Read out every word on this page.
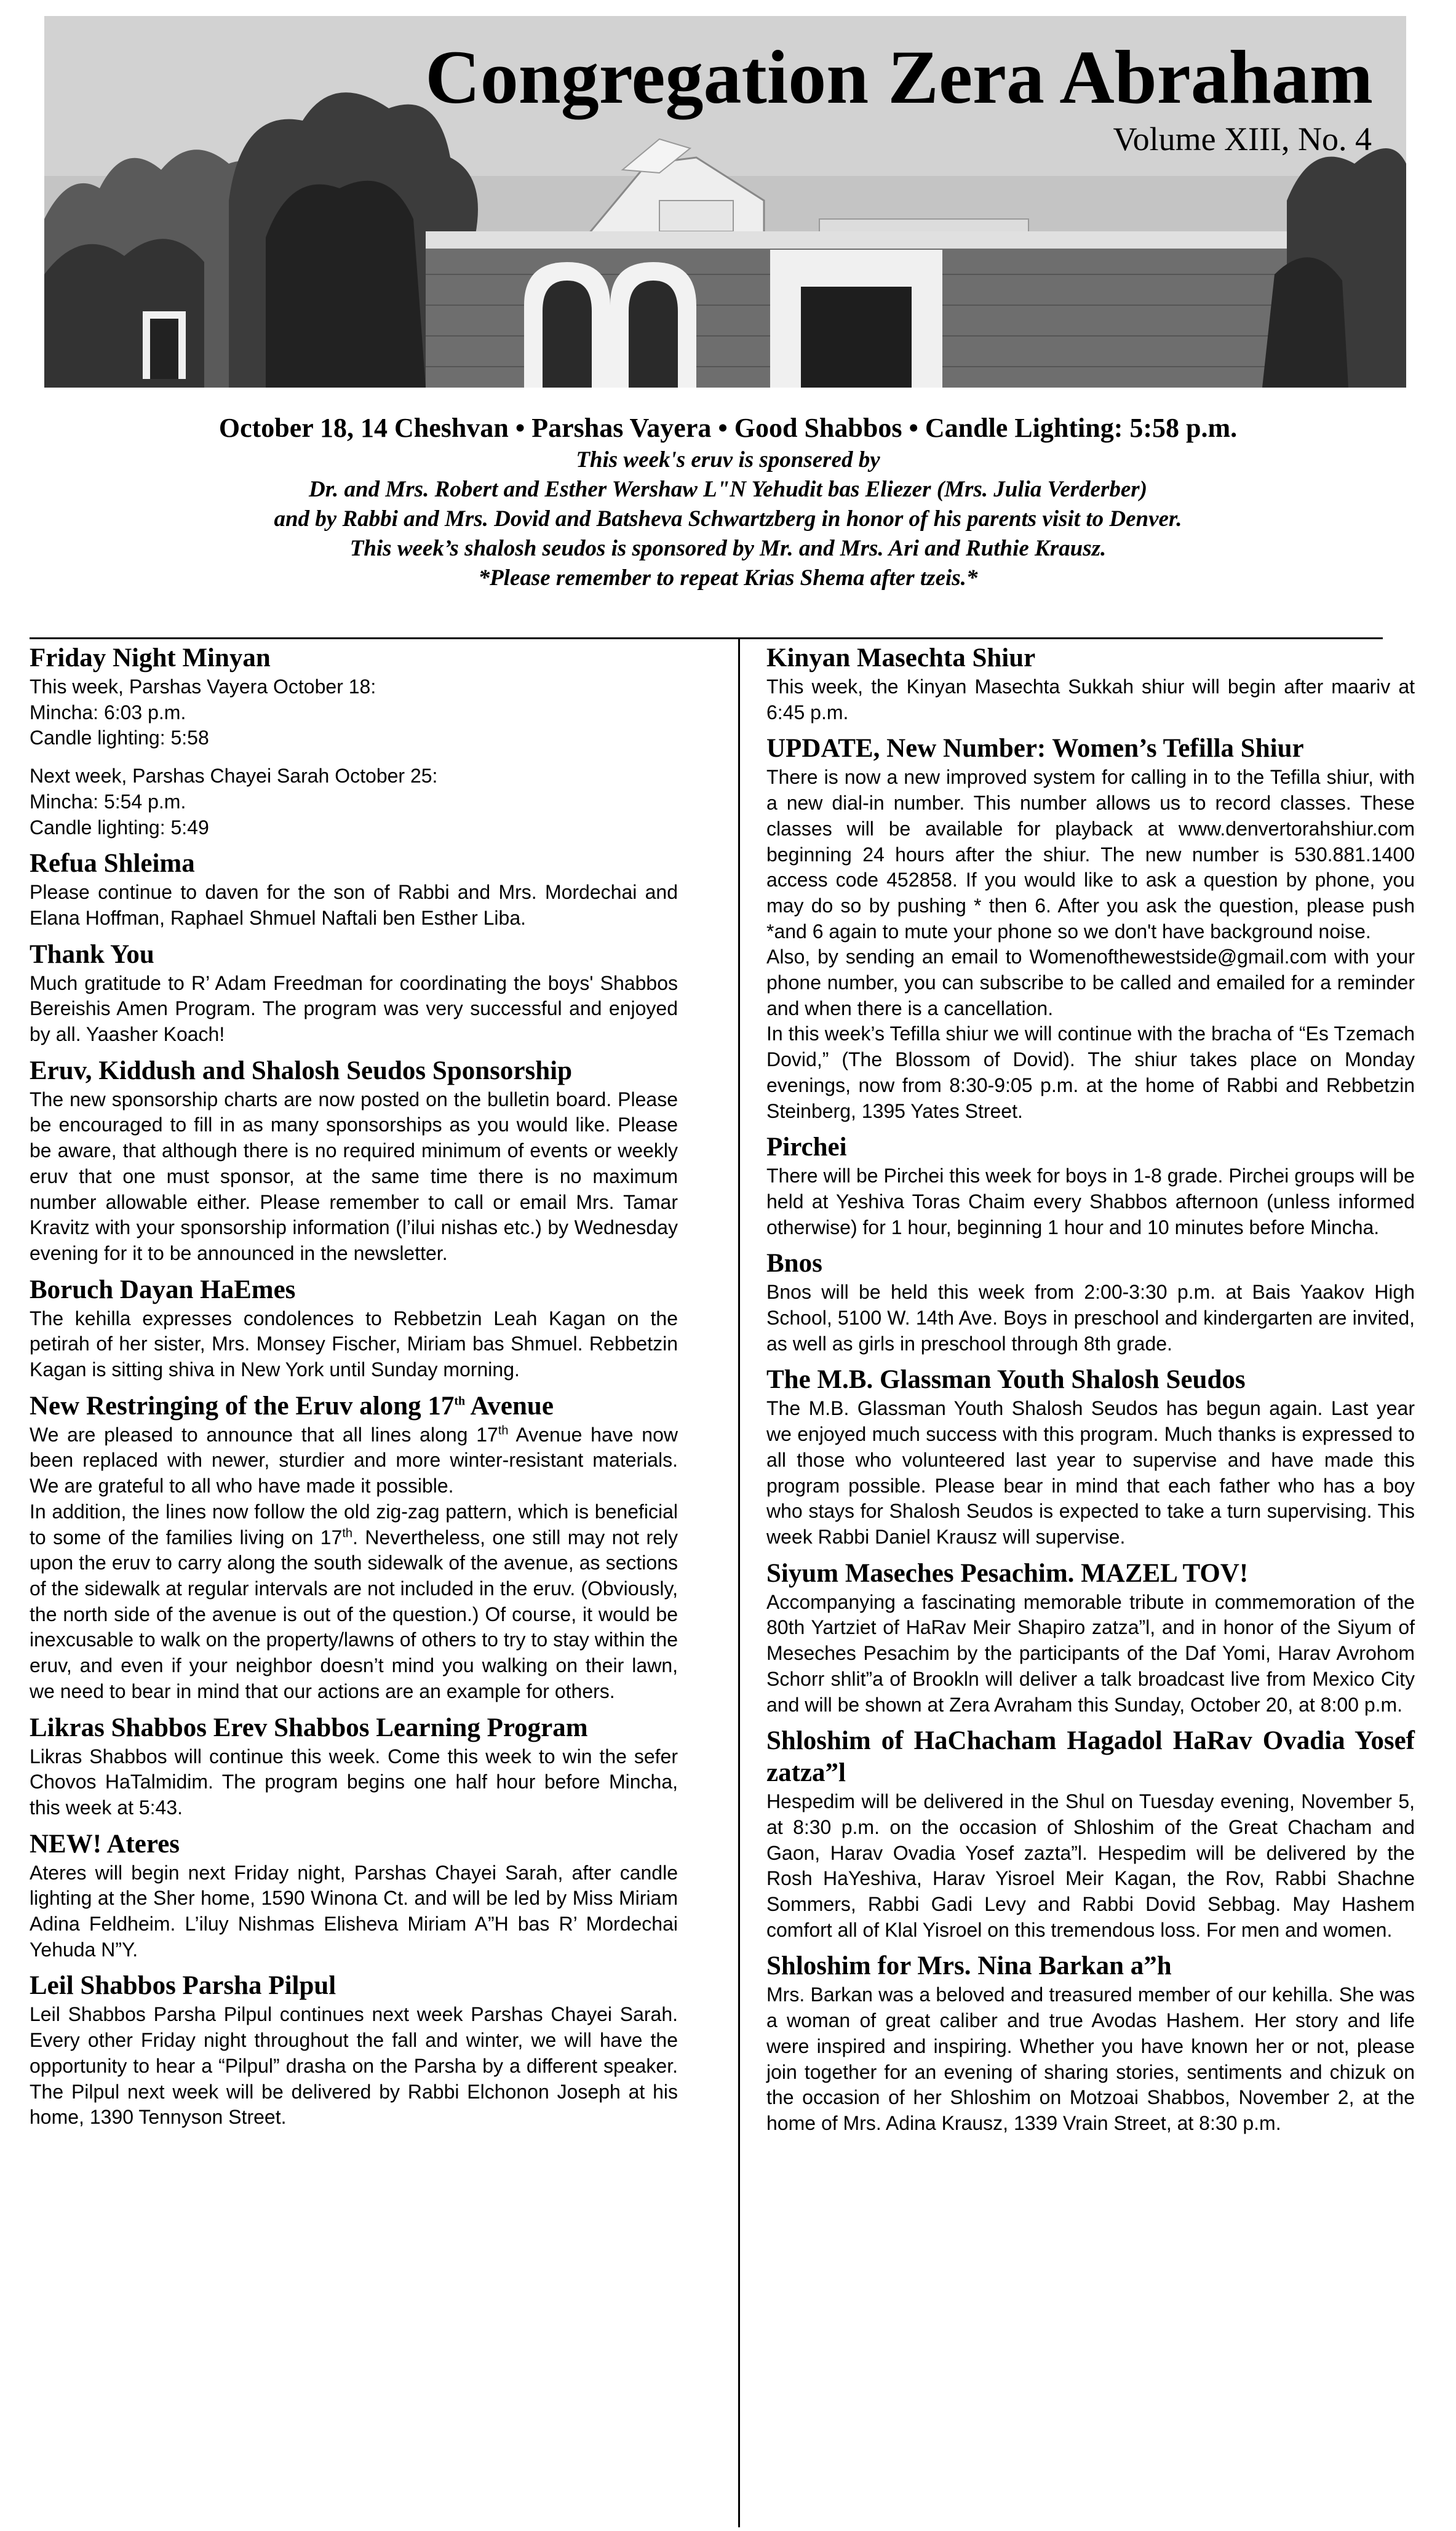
Congregation Zera Abraham
Volume XIII, No. 4
October 18, 14 Cheshvan • Parshas Vayera • Good Shabbos • Candle Lighting: 5:58 p.m.
This week's eruv is sponsered by
Dr. and Mrs. Robert and Esther Wershaw L"N Yehudit bas Eliezer (Mrs. Julia Verderber)
and by Rabbi and Mrs. Dovid and Batsheva Schwartzberg in honor of his parents visit to Denver.
This week’s shalosh seudos is sponsored by Mr. and Mrs. Ari and Ruthie Krausz.
*Please remember to repeat Krias Shema after tzeis.*
Friday Night Minyan

This week, Parshas Vayera October 18:

Mincha: 6:03 p.m.

Candle lighting: 5:58

Next week, Parshas Chayei Sarah October 25:

Mincha: 5:54 p.m.

Candle lighting: 5:49

Refua Shleima

Please continue to daven for the son of Rabbi and Mrs. Mordechai and Elana Hoffman, Raphael Shmuel Naftali ben Esther Liba.

Thank You

Much gratitude to R’ Adam Freedman for coordinating the boys' Shabbos Bereishis Amen Program. The program was very successful and enjoyed by all. Yaasher Koach!

Eruv, Kiddush and Shalosh Seudos Sponsorship

The new sponsorship charts are now posted on the bulletin board. Please be encouraged to fill in as many sponsorships as you would like. Please be aware, that although there is no required minimum of events or weekly eruv that one must sponsor, at the same time there is no maximum number allowable either. Please remember to call or email Mrs. Tamar Kravitz with your sponsorship information (l’ilui nishas etc.) by Wednesday evening for it to be announced in the newsletter.

Boruch Dayan HaEmes

The kehilla expresses condolences to Rebbetzin Leah Kagan on the petirah of her sister, Mrs. Monsey Fischer, Miriam bas Shmuel. Rebbetzin Kagan is sitting shiva in New York until Sunday morning.

New Restringing of the Eruv along 17th Avenue

We are pleased to announce that all lines along 17th Avenue have now been replaced with newer, sturdier and more winter-resistant materials. We are grateful to all who have made it possible.

In addition, the lines now follow the old zig-zag pattern, which is beneficial to some of the families living on 17th. Nevertheless, one still may not rely upon the eruv to carry along the south sidewalk of the avenue, as sections of the sidewalk at regular intervals are not included in the eruv. (Obviously, the north side of the avenue is out of the question.) Of course, it would be inexcusable to walk on the property/lawns of others to try to stay within the eruv, and even if your neighbor doesn’t mind you walking on their lawn, we need to bear in mind that our actions are an example for others.

Likras Shabbos Erev Shabbos Learning Program

Likras Shabbos will continue this week. Come this week to win the sefer Chovos HaTalmidim. The program begins one half hour before Mincha, this week at 5:43.

NEW! Ateres

Ateres will begin next Friday night, Parshas Chayei Sarah, after candle lighting at the Sher home, 1590 Winona Ct. and will be led by Miss Miriam Adina Feldheim. L’iluy Nishmas Elisheva Miriam A”H bas R’ Mordechai Yehuda N”Y.

Leil Shabbos Parsha Pilpul

Leil Shabbos Parsha Pilpul continues next week Parshas Chayei Sarah. Every other Friday night throughout the fall and winter, we will have the opportunity to hear a “Pilpul” drasha on the Parsha by a different speaker. The Pilpul next week will be delivered by Rabbi Elchonon Joseph at his home, 1390 Tennyson Street.

Kinyan Masechta Shiur

This week, the Kinyan Masechta Sukkah shiur will begin after maariv at 6:45 p.m.

UPDATE, New Number: Women’s Tefilla Shiur

There is now a new improved system for calling in to the Tefilla shiur, with a new dial-in number. This number allows us to record classes. These classes will be available for playback at www.denvertorahshiur.com beginning 24 hours after the shiur. The new number is 530.881.1400 access code 452858. If you would like to ask a question by phone, you may do so by pushing * then 6. After you ask the question, please push *and 6 again to mute your phone so we don't have background noise.

Also, by sending an email to Womenofthewestside@gmail.com with your phone number, you can subscribe to be called and emailed for a reminder and when there is a cancellation.

In this week’s Tefilla shiur we will continue with the bracha of “Es Tzemach Dovid,” (The Blossom of Dovid). The shiur takes place on Monday evenings, now from 8:30-9:05 p.m. at the home of Rabbi and Rebbetzin Steinberg, 1395 Yates Street.

Pirchei

There will be Pirchei this week for boys in 1-8 grade. Pirchei groups will be held at Yeshiva Toras Chaim every Shabbos afternoon (unless informed otherwise) for 1 hour, beginning 1 hour and 10 minutes before Mincha.

Bnos

Bnos will be held this week from 2:00-3:30 p.m. at Bais Yaakov High School, 5100 W. 14th Ave. Boys in preschool and kindergarten are invited, as well as girls in preschool through 8th grade.

The M.B. Glassman Youth Shalosh Seudos

The M.B. Glassman Youth Shalosh Seudos has begun again. Last year we enjoyed much success with this program. Much thanks is expressed to all those who volunteered last year to supervise and have made this program possible. Please bear in mind that each father who has a boy who stays for Shalosh Seudos is expected to take a turn supervising. This week Rabbi Daniel Krausz will supervise.

Siyum Maseches Pesachim. MAZEL TOV!

Accompanying a fascinating memorable tribute in commemoration of the 80th Yartziet of HaRav Meir Shapiro zatza”l, and in honor of the Siyum of Meseches Pesachim by the participants of the Daf Yomi, Harav Avrohom Schorr shlit”a of Brookln will deliver a talk broadcast live from Mexico City and will be shown at Zera Avraham this Sunday, October 20, at 8:00 p.m.

Shloshim of HaChacham Hagadol HaRav Ovadia Yosef zatza”l

Hespedim will be delivered in the Shul on Tuesday evening, November 5, at 8:30 p.m. on the occasion of Shloshim of the Great Chacham and Gaon, Harav Ovadia Yosef zazta”l. Hespedim will be delivered by the Rosh HaYeshiva, Harav Yisroel Meir Kagan, the Rov, Rabbi Shachne Sommers, Rabbi Gadi Levy and Rabbi Dovid Sebbag. May Hashem comfort all of Klal Yisroel on this tremendous loss. For men and women.

Shloshim for Mrs. Nina Barkan a”h

Mrs. Barkan was a beloved and treasured member of our kehilla. She was a woman of great caliber and true Avodas Hashem. Her story and life were inspired and inspiring. Whether you have known her or not, please join together for an evening of sharing stories, sentiments and chizuk on the occasion of her Shloshim on Motzoai Shabbos, November 2, at the home of Mrs. Adina Krausz, 1339 Vrain Street, at 8:30 p.m.
